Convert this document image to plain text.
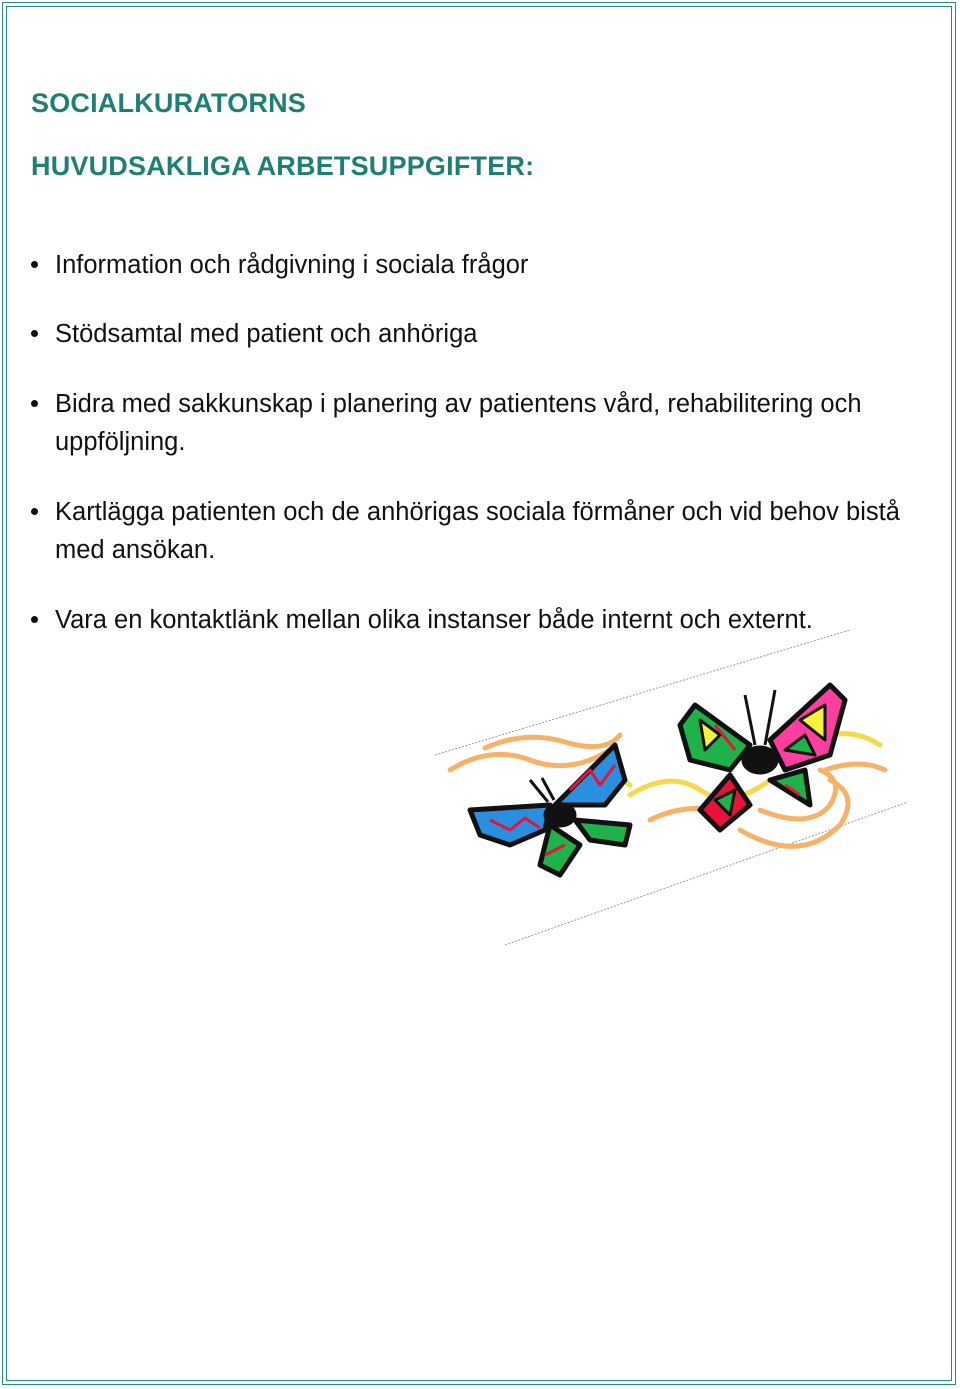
SOCIALKURATORNS
HUVUDSAKLIGA ARBETSUPPGIFTER:
Information och rådgivning i sociala frågor
Stödsamtal med patient och anhöriga
Bidra med sakkunskap i planering av patientens vård, rehabilitering och uppföljning.
Kartlägga patienten och de anhörigas sociala förmåner och vid behov bistå med ansökan.
Vara en kontaktlänk mellan olika instanser både internt och externt.
